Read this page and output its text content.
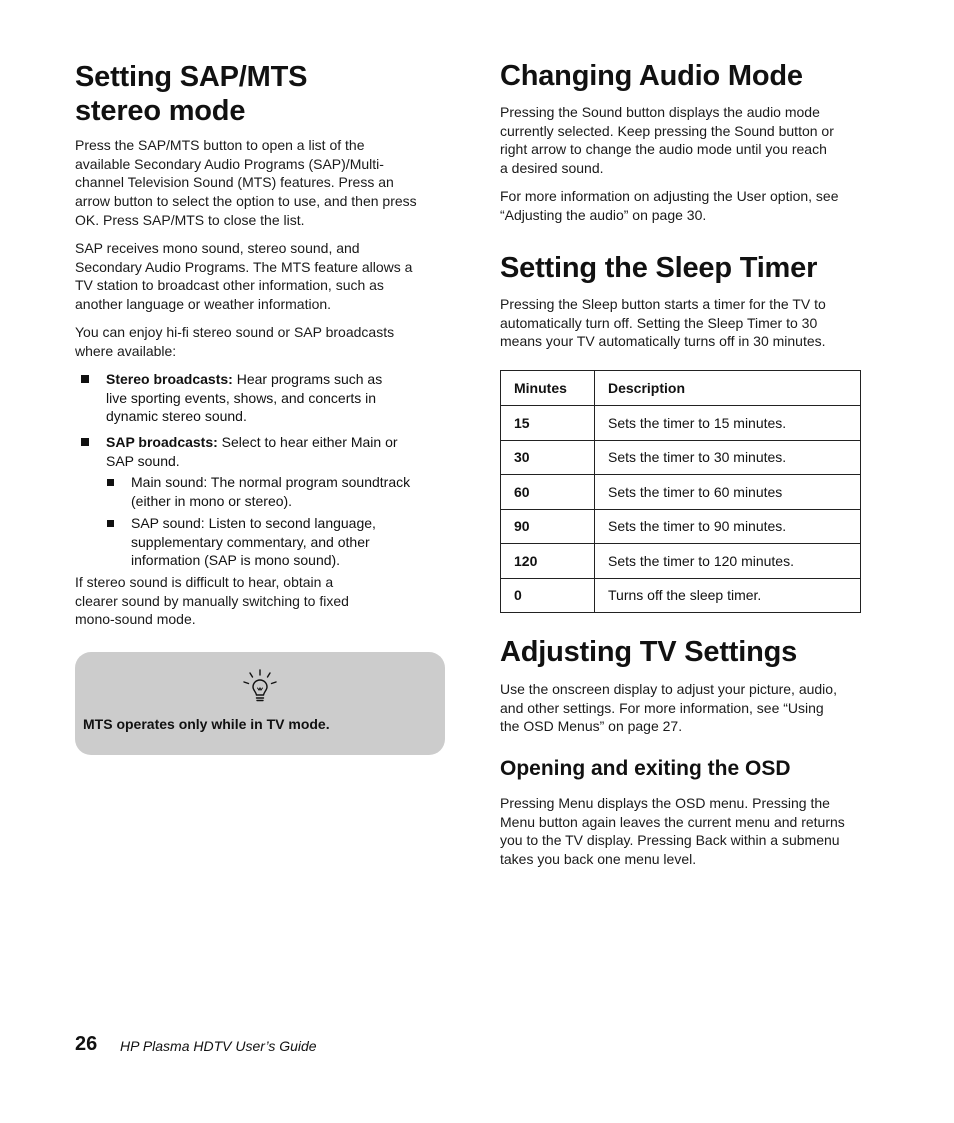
Setting SAP/MTS
stereo mode

Press the SAP/MTS button to open a list of the
available Secondary Audio Programs (SAP)/Multi-
channel Television Sound (MTS) features. Press an
arrow button to select the option to use, and then press
OK. Press SAP/MTS to close the list.

SAP receives mono sound, stereo sound, and
Secondary Audio Programs. The MTS feature allows a
TV station to broadcast other information, such as
another language or weather information.

You can enjoy hi-fi stereo sound or SAP broadcasts
where available:

Stereo broadcasts: Hear programs such as
live sporting events, shows, and concerts in
dynamic stereo sound.
SAP broadcasts: Select to hear either Main or
SAP sound.
Main sound: The normal program soundtrack
(either in mono or stereo).
SAP sound: Listen to second language,
supplementary commentary, and other
information (SAP is mono sound).

If stereo sound is difficult to hear, obtain a
clearer sound by manually switching to fixed
mono-sound mode.

MTS operates only while in TV mode.
Changing Audio Mode

Pressing the Sound button displays the audio mode
currently selected. Keep pressing the Sound button or
right arrow to change the audio mode until you reach
a desired sound.

For more information on adjusting the User option, see
“Adjusting the audio” on page 30.

Setting the Sleep Timer

Pressing the Sleep button starts a timer for the TV to
automatically turn off. Setting the Sleep Timer to 30
means your TV automatically turns off in 30 minutes.

Minutes	Description
15	Sets the timer to 15 minutes.
30	Sets the timer to 30 minutes.
60	Sets the timer to 60 minutes
90	Sets the timer to 90 minutes.
120	Sets the timer to 120 minutes.
0	Turns off the sleep timer.
Adjusting TV Settings

Use the onscreen display to adjust your picture, audio,
and other settings. For more information, see “Using
the OSD Menus” on page 27.

Opening and exiting the OSD

Pressing Menu displays the OSD menu. Pressing the
Menu button again leaves the current menu and returns
you to the TV display. Pressing Back within a submenu
takes you back one menu level.

26 HP Plasma HDTV User’s Guide
